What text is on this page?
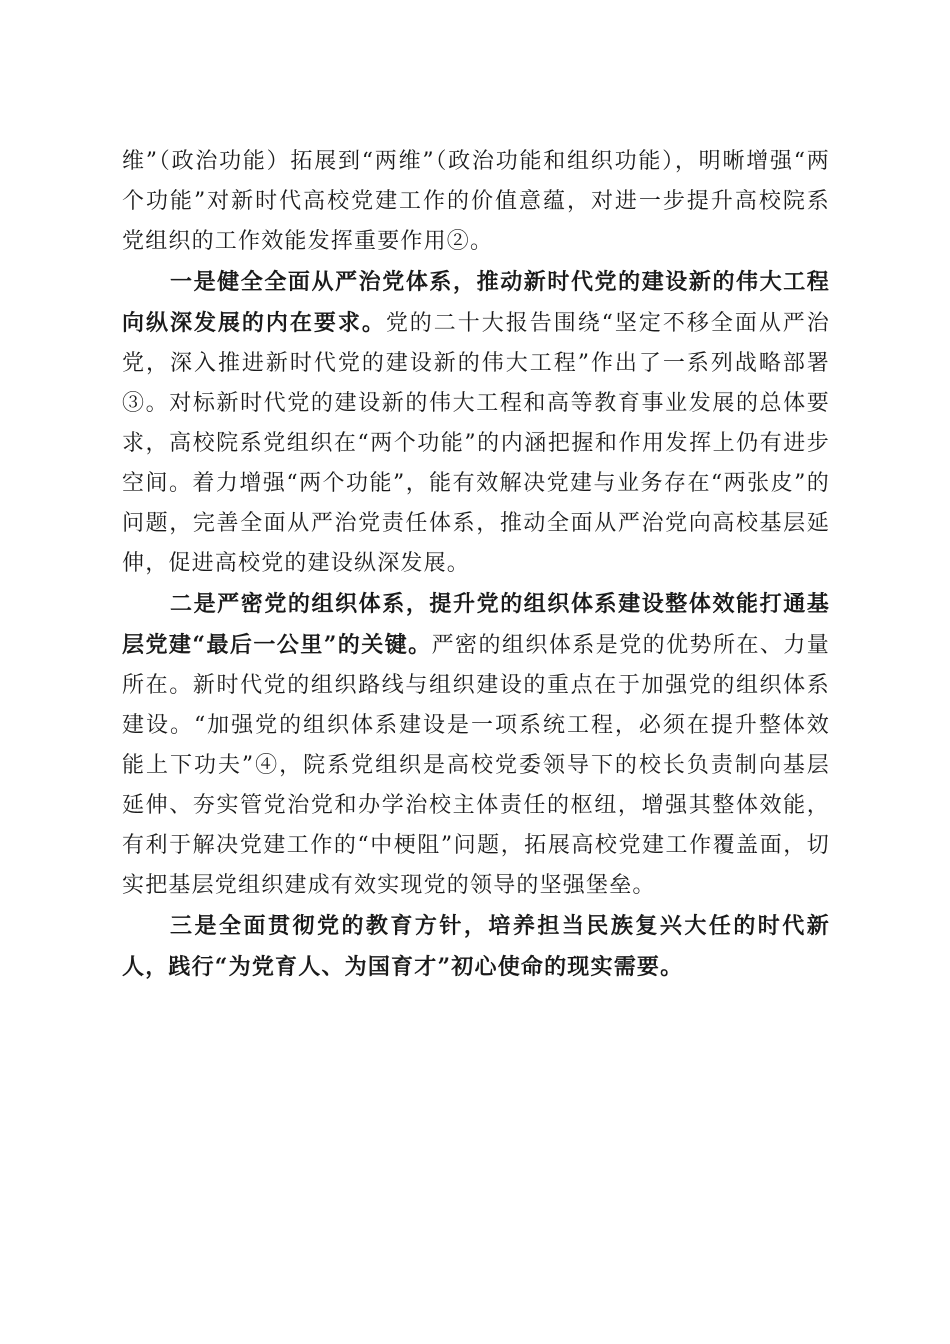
维”（政治功能）拓展到“两维”（政治功能和组织功能），明晰增强“两个功能”对新时代高校党建工作的价值意蕴，对进一步提升高校院系党组织的工作效能发挥重要作用②。

一是健全全面从严治党体系，推动新时代党的建设新的伟大工程向纵深发展的内在要求。党的二十大报告围绕“坚定不移全面从严治党，深入推进新时代党的建设新的伟大工程”作出了一系列战略部署③。对标新时代党的建设新的伟大工程和高等教育事业发展的总体要求，高校院系党组织在“两个功能”的内涵把握和作用发挥上仍有进步空间。着力增强“两个功能”，能有效解决党建与业务存在“两张皮”的问题，完善全面从严治党责任体系，推动全面从严治党向高校基层延伸，促进高校党的建设纵深发展。

二是严密党的组织体系，提升党的组织体系建设整体效能打通基层党建“最后一公里”的关键。严密的组织体系是党的优势所在、力量所在。新时代党的组织路线与组织建设的重点在于加强党的组织体系建设。“加强党的组织体系建设是一项系统工程，必须在提升整体效能上下功夫”④，院系党组织是高校党委领导下的校长负责制向基层延伸、夯实管党治党和办学治校主体责任的枢纽，增强其整体效能，有利于解决党建工作的“中梗阻”问题，拓展高校党建工作覆盖面，切实把基层党组织建成有效实现党的领导的坚强堡垒。

三是全面贯彻党的教育方针，培养担当民族复兴大任的时代新人，践行“为党育人、为国育才”初心使命的现实需要。
